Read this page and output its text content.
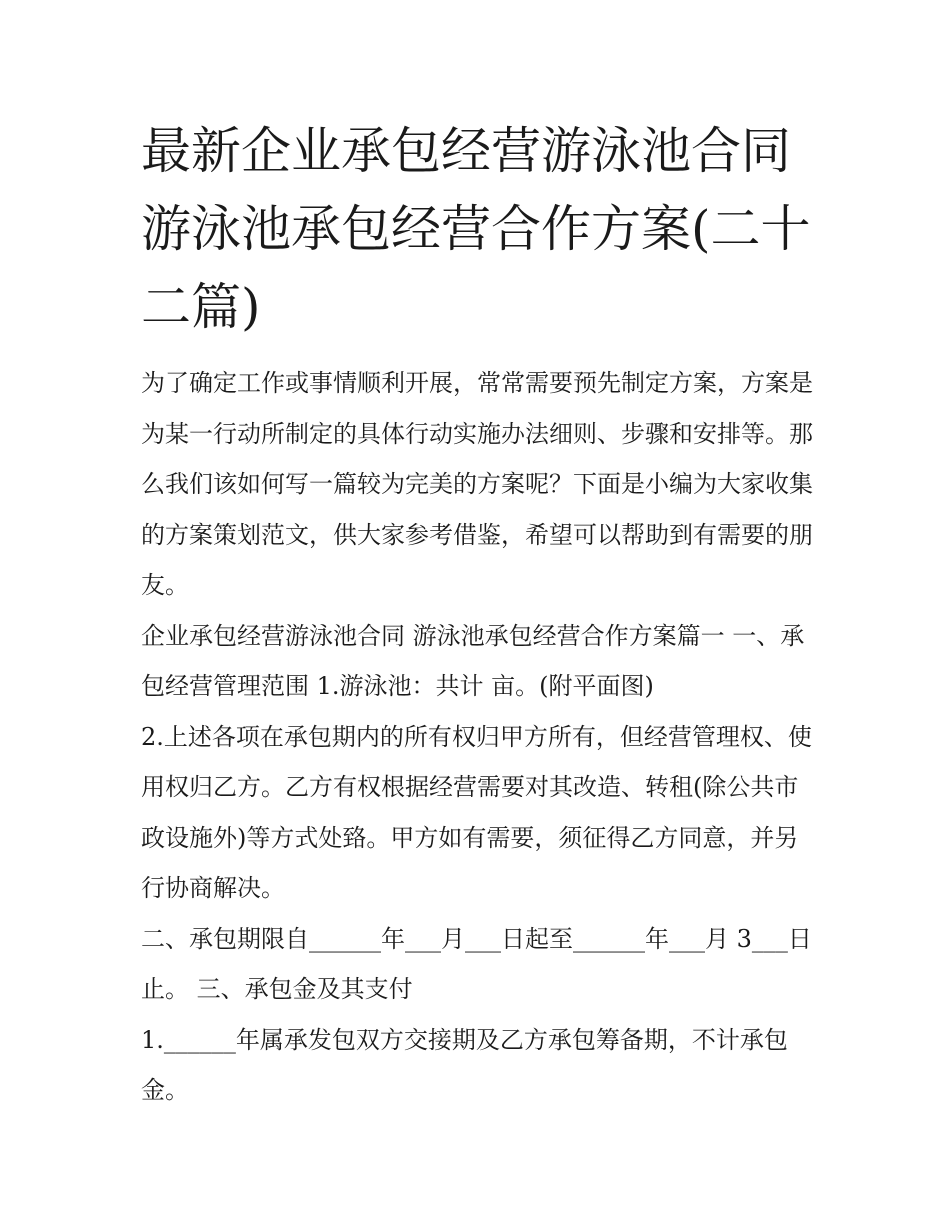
最新企业承包经营游泳池合同 游泳池承包经营合作方案(二十二篇)

为了确定工作或事情顺利开展，常常需要预先制定方案，方案是为某一行动所制定的具体行动实施办法细则、步骤和安排等。那么我们该如何写一篇较为完美的方案呢？下面是小编为大家收集的方案策划范文，供大家参考借鉴，希望可以帮助到有需要的朋友。

企业承包经营游泳池合同 游泳池承包经营合作方案篇一 一、承包经营管理范围 1.游泳池：共计 亩。(附平面图)

2.上述各项在承包期内的所有权归甲方所有，但经营管理权、使用权归乙方。乙方有权根据经营需要对其改造、转租(除公共市政设施外)等方式处臵。甲方如有需要，须征得乙方同意，并另行协商解决。

二、承包期限自______年___月___日起至______年___月 3___日止。 三、承包金及其支付

1.______年属承发包双方交接期及乙方承包筹备期，不计承包金。
